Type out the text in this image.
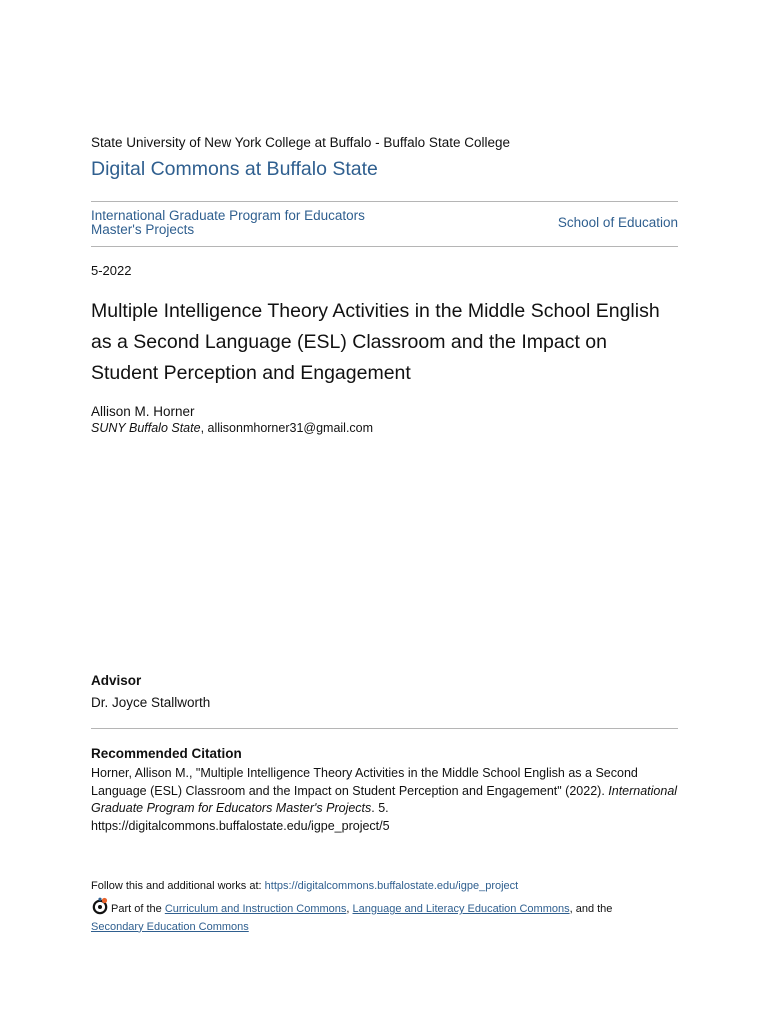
State University of New York College at Buffalo - Buffalo State College
Digital Commons at Buffalo State
International Graduate Program for Educators
Master's Projects	School of Education
5-2022
Multiple Intelligence Theory Activities in the Middle School English as a Second Language (ESL) Classroom and the Impact on Student Perception and Engagement
Allison M. Horner
SUNY Buffalo State, allisonmhorner31@gmail.com
Advisor
Dr. Joyce Stallworth
Recommended Citation
Horner, Allison M., "Multiple Intelligence Theory Activities in the Middle School English as a Second Language (ESL) Classroom and the Impact on Student Perception and Engagement" (2022). International Graduate Program for Educators Master's Projects. 5.
https://digitalcommons.buffalostate.edu/igpe_project/5
Follow this and additional works at: https://digitalcommons.buffalostate.edu/igpe_project
Part of the Curriculum and Instruction Commons, Language and Literacy Education Commons, and the
Secondary Education Commons
